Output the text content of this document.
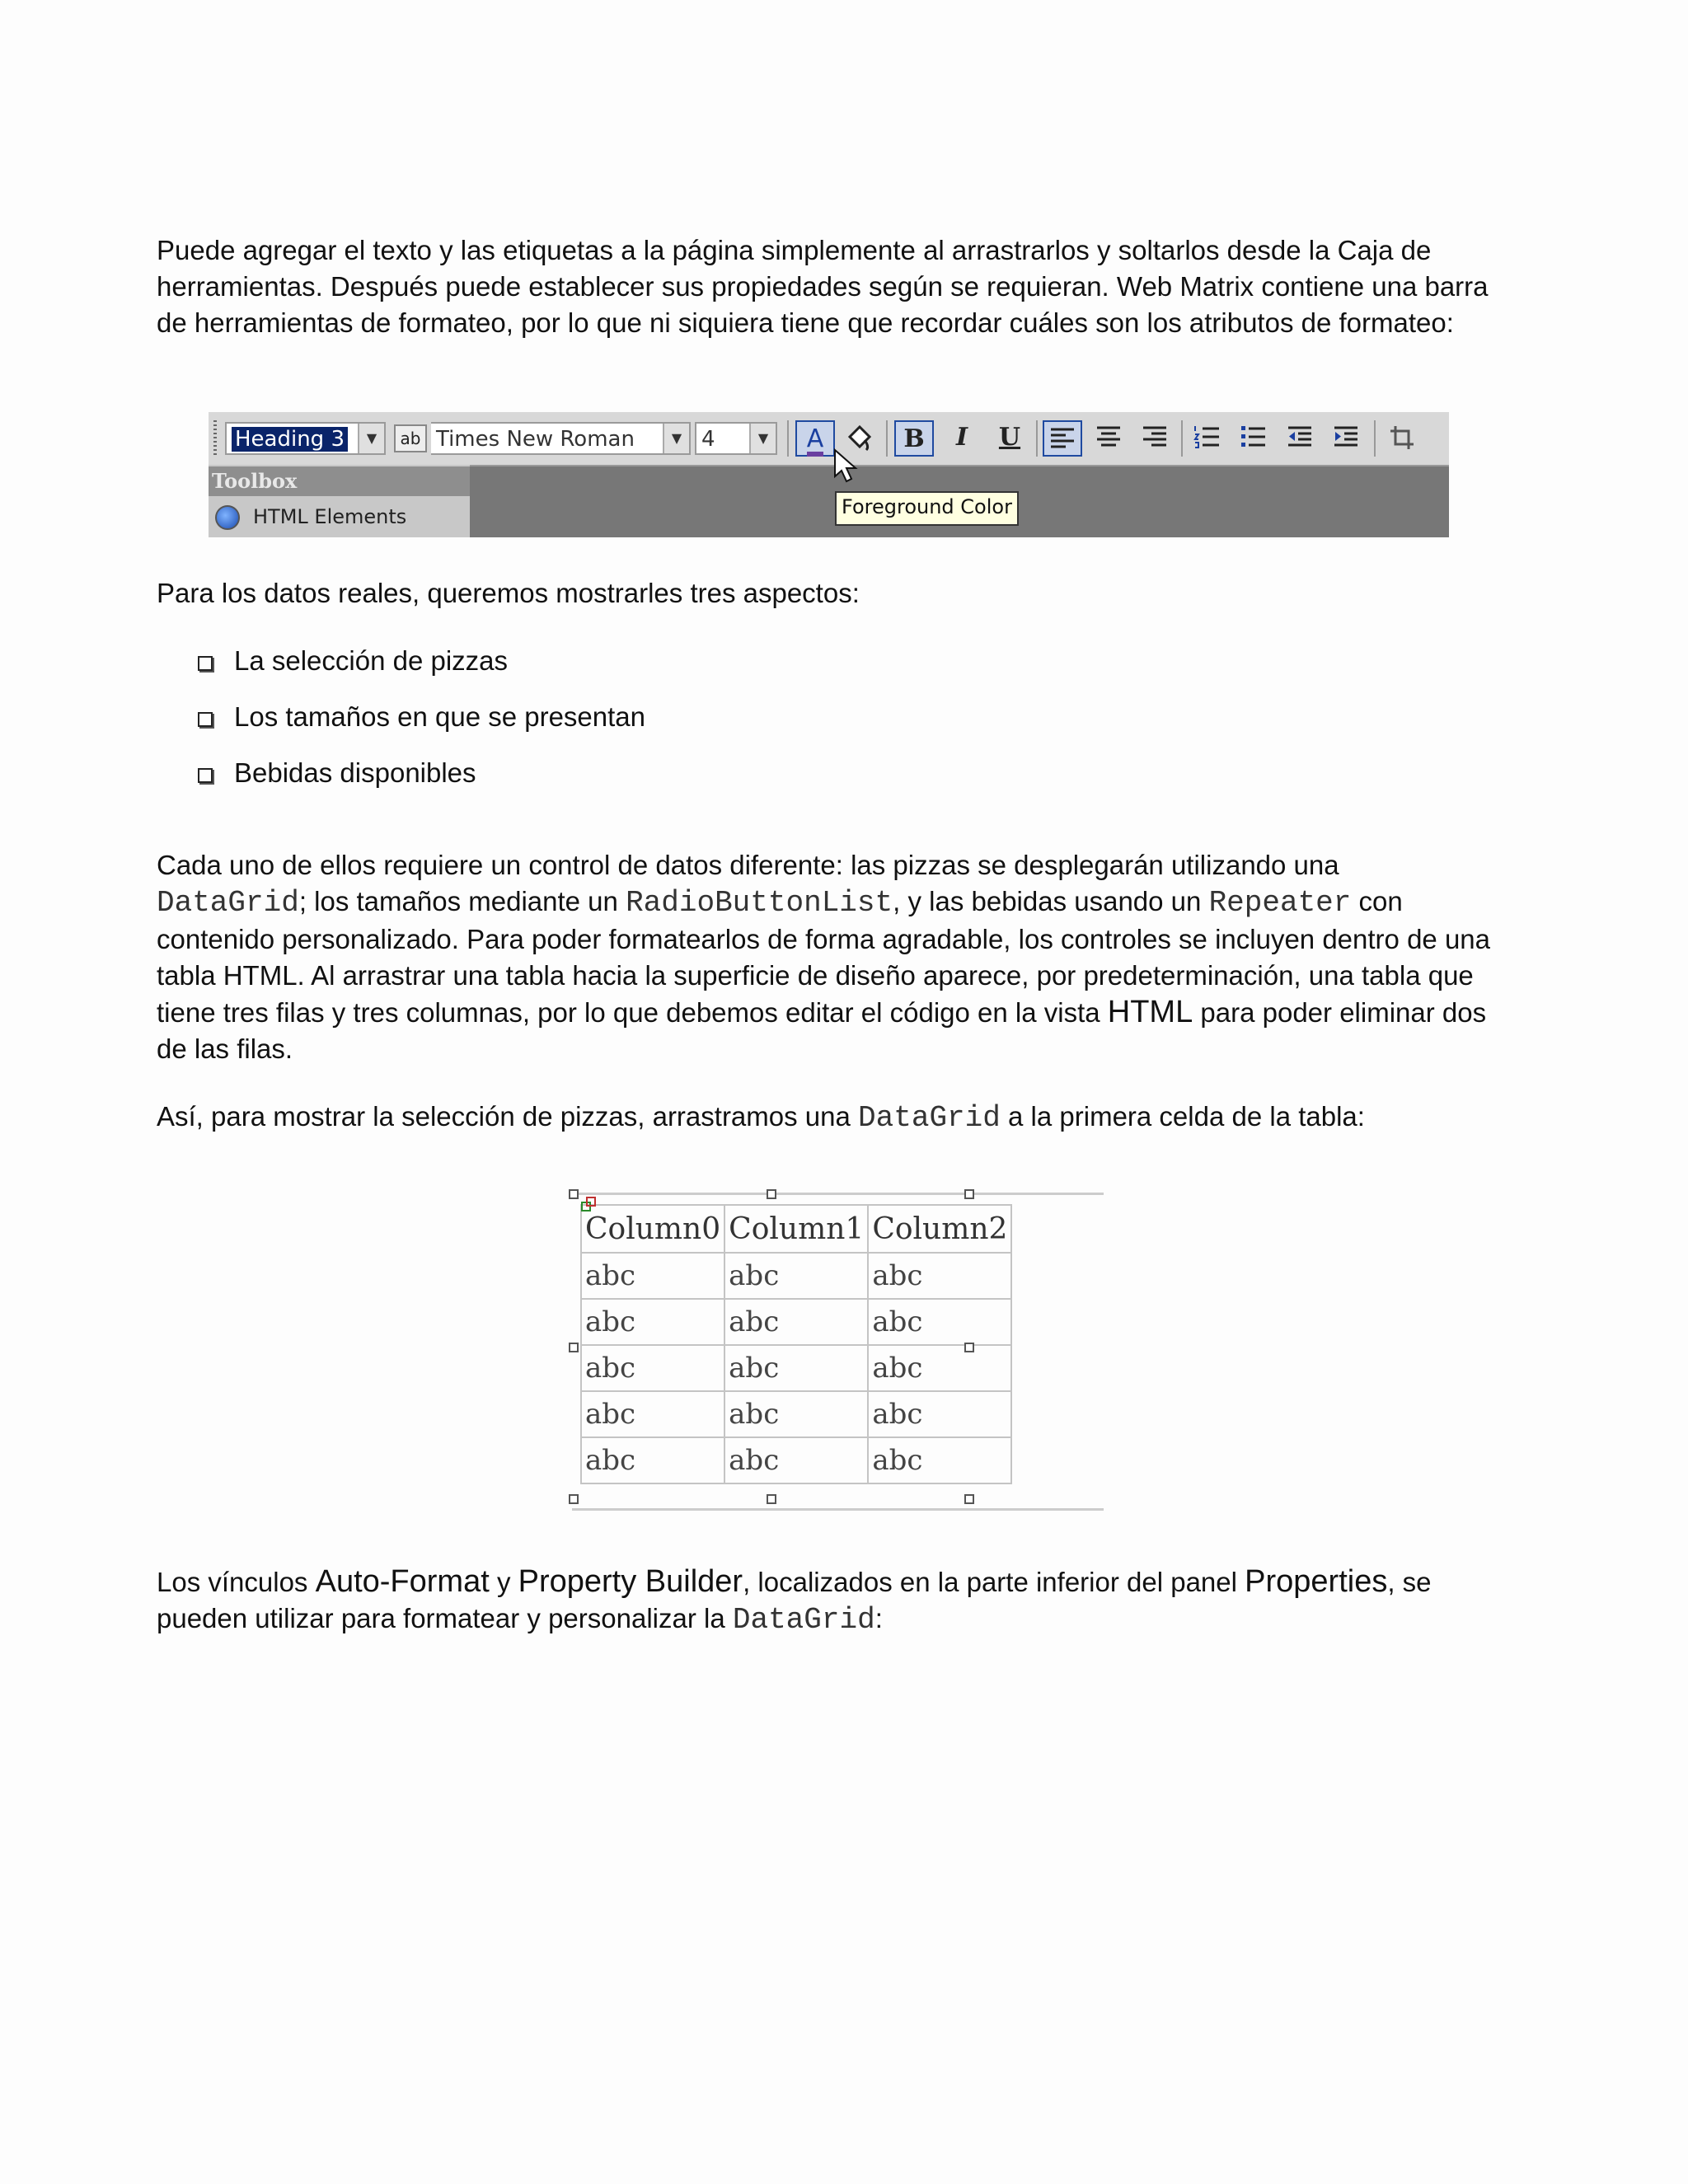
Puede agregar el texto y las etiquetas a la página simplemente al arrastrarlos y soltarlos desde la Caja de herramientas. Después puede establecer sus propiedades según se requieran. Web Matrix contiene una barra de herramientas de formateo, por lo que ni siquiera tiene que recordar cuáles son los atributos de formateo:

Heading 3	▼	ab Times New Roman	▼ 4	▼	A	B	I	U
Toolbox
HTML Elements	Foreground Color

Para los datos reales, queremos mostrarles tres aspectos:

La selección de pizzas
Los tamaños en que se presentan
Bebidas disponibles

Cada uno de ellos requiere un control de datos diferente: las pizzas se desplegarán utilizando una DataGrid; los tamaños mediante un RadioButtonList, y las bebidas usando un Repeater con contenido personalizado. Para poder formatearlos de forma agradable, los controles se incluyen dentro de una tabla HTML. Al arrastrar una tabla hacia la superficie de diseño aparece, por predeterminación, una tabla que tiene tres filas y tres columnas, por lo que debemos editar el código en la vista HTML para poder eliminar dos de las filas.

Así, para mostrar la selección de pizzas, arrastramos una DataGrid a la primera celda de la tabla:

Column0	Column1	Column2
abc	abc	abc
abc	abc	abc
abc	abc	abc
abc	abc	abc
abc	abc	abc

Los vínculos Auto-Format y Property Builder, localizados en la parte inferior del panel Properties, se pueden utilizar para formatear y personalizar la DataGrid:
